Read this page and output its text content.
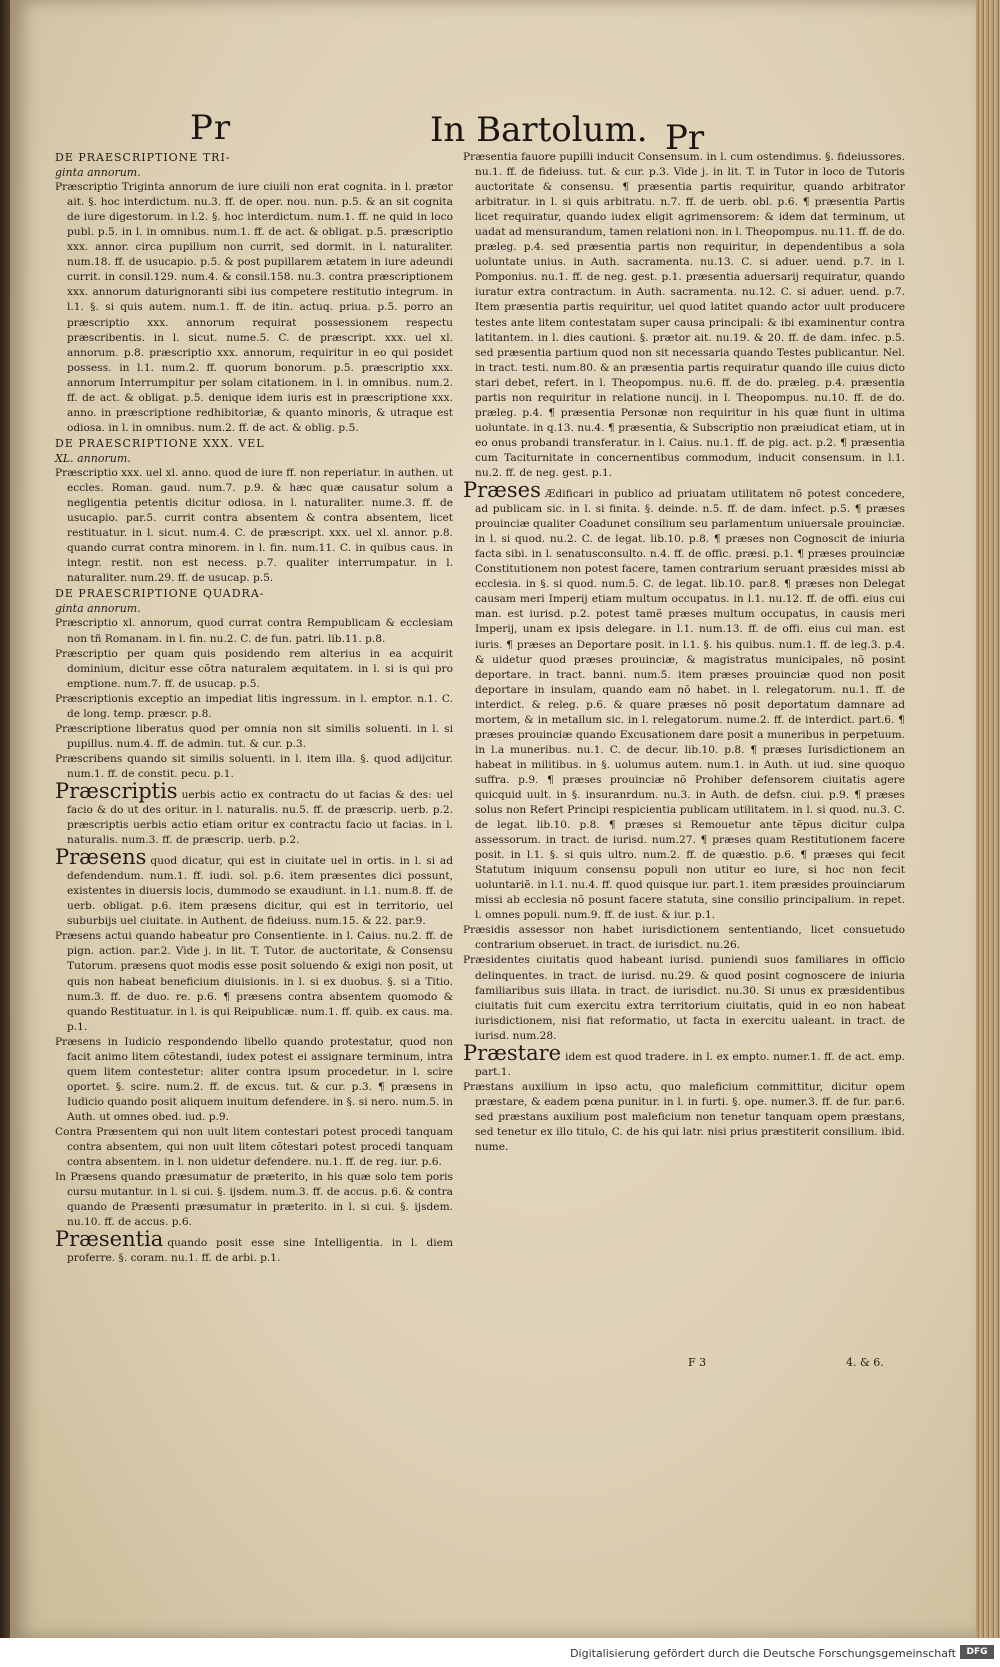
Pr	In Bartolum. Pr

DE PRAESCRIPTIONE TRI-
ginta annorum.

Præscriptio Triginta annorum de iure ciuili non erat cognita. in l. prætor ait. §. hoc interdictum. nu.3. ff. de oper. nou. nun. p.5. & an sit cognita de iure digestorum. in l.2. §. hoc interdictum. num.1. ff. ne quid in loco publ. p.5. in l. in omnibus. num.1. ff. de act. & obligat. p.5. præscriptio xxx. annor. circa pupillum non currit, sed dormit. in l. naturaliter. num.18. ff. de usucapio. p.5. & post pupillarem ætatem in iure adeundi currit. in consil.129. num.4. & consil.158. nu.3. contra præscriptionem xxx. annorum daturignoranti sibi ius competere restitutio integrum. in l.1. §. si quis autem. num.1. ff. de itin. actuq. priua. p.5. porro an præscriptio xxx. annorum requirat possessionem respectu præscribentis. in l. sicut. nume.5. C. de præscript. xxx. uel xl. annorum. p.8. præscriptio xxx. annorum, requiritur in eo qui posidet possess. in l.1. num.2. ff. quorum bonorum. p.5. præscriptio xxx. annorum Interrumpitur per solam citationem. in l. in omnibus. num.2. ff. de act. & obligat. p.5. denique idem iuris est in præscriptione xxx. anno. in præscriptione redhibitoriæ, & quanto minoris, & utraque est odiosa. in l. in omnibus. num.2. ff. de act. & oblig. p.5.

DE PRAESCRIPTIONE XXX. VEL
XL. annorum.

Præscriptio xxx. uel xl. anno. quod de iure ff. non reperiatur. in authen. ut eccles. Roman. gaud. num.7. p.9. & hæc quæ causatur solum a negligentia petentis dicitur odiosa. in l. naturaliter. nume.3. ff. de usucapio. par.5. currit contra absentem & contra absentem, licet restituatur. in l. sicut. num.4. C. de præscript. xxx. uel xl. annor. p.8. quando currat contra minorem. in l. fin. num.11. C. in quibus caus. in integr. restit. non est necess. p.7. qualiter interrumpatur. in l. naturaliter. num.29. ff. de usucap. p.5.

DE PRAESCRIPTIONE QUADRA-
ginta annorum.

Præscriptio xl. annorum, quod currat contra Rempublicam & ecclesiam non tñ Romanam. in l. fin. nu.2. C. de fun. patri. lib.11. p.8.

Præscriptio per quam quis posidendo rem alterius in ea acquirit dominium, dicitur esse cõtra naturalem æquitatem. in l. si is qui pro emptione. num.7. ff. de usucap. p.5.

Præscriptionis exceptio an impediat litis ingressum. in l. emptor. n.1. C. de long. temp. præscr. p.8.

Præscriptione liberatus quod per omnia non sit similis soluenti. in l. si pupillus. num.4. ff. de admin. tut. & cur. p.3.

Præscribens quando sit similis soluenti. in l. item illa. §. quod adijcitur. num.1. ff. de constit. pecu. p.1.

Præscriptis uerbis actio ex contractu do ut facias & des: uel facio & do ut des oritur. in l. naturalis. nu.5. ff. de præscrip. uerb. p.2. præscriptis uerbis actio etiam oritur ex contractu facio ut facias. in l. naturalis. num.3. ff. de præscrip. uerb. p.2.

Præsens quod dicatur, qui est in ciuitate uel in ortis. in l. si ad defendendum. num.1. ff. iudi. sol. p.6. item præsentes dici possunt, existentes in diuersis locis, dummodo se exaudiunt. in l.1. num.8. ff. de uerb. obligat. p.6. item præsens dicitur, qui est in territorio, uel suburbijs uel ciuitate. in Authent. de fideiuss. num.15. & 22. par.9.

Præsens actui quando habeatur pro Consentiente. in l. Caius. nu.2. ff. de pign. action. par.2. Vide j. in lit. T. Tutor. de auctoritate, & Consensu Tutorum. præsens quot modis esse posit soluendo & exigi non posit, ut quis non habeat beneficium diuisionis. in l. si ex duobus. §. si a Titio. num.3. ff. de duo. re. p.6. ¶ præsens contra absentem quomodo & quando Restituatur. in l. is qui Reipublicæ. num.1. ff. quib. ex caus. ma. p.1.

Præsens in Iudicio respondendo libello quando protestatur, quod non facit animo litem cõtestandi, iudex potest ei assignare terminum, intra quem litem contestetur: aliter contra ipsum procedetur. in l. scire oportet. §. scire. num.2. ff. de excus. tut. & cur. p.3. ¶ præsens in Iudicio quando posit aliquem inuitum defendere. in §. si nero. num.5. in Auth. ut omnes obed. iud. p.9.

Contra Præsentem qui non uult litem contestari potest procedi tanquam contra absentem, qui non uult litem cõtestari potest procedi tanquam contra absentem. in l. non uidetur defendere. nu.1. ff. de reg. iur. p.6.

In Præsens quando præsumatur de præterito, in his quæ solo tem poris cursu mutantur. in l. si cui. §. ijsdem. num.3. ff. de accus. p.6. & contra quando de Præsenti præsumatur in præterito. in l. si cui. §. ijsdem. nu.10. ff. de accus. p.6.

Præsentia quando posit esse sine Intelligentia. in l. diem proferre. §. coram. nu.1. ff. de arbi. p.1.

Præsentia fauore pupilli inducit Consensum. in l. cum ostendimus. §. fideiussores. nu.1. ff. de fideiuss. tut. & cur. p.3. Vide j. in lit. T. in Tutor in loco de Tutoris auctoritate & consensu. ¶ præsentia partis requiritur, quando arbitrator arbitratur. in l. si quis arbitratu. n.7. ff. de uerb. obl. p.6. ¶ præsentia Partis licet requiratur, quando iudex eligit agrimensorem: & idem dat terminum, ut uadat ad mensurandum, tamen relationi non. in l. Theopompus. nu.11. ff. de do. præleg. p.4. sed præsentia partis non requiritur, in dependentibus a sola uoluntate unius. in Auth. sacramenta. nu.13. C. si aduer. uend. p.7. in l. Pomponius. nu.1. ff. de neg. gest. p.1. præsentia aduersarij requiratur, quando iuratur extra contractum. in Auth. sacramenta. nu.12. C. si aduer. uend. p.7. Item præsentia partis requiritur, uel quod latitet quando actor uult producere testes ante litem contestatam super causa principali: & ibi examinentur contra latitantem. in l. dies cautioni. §. prætor ait. nu.19. & 20. ff. de dam. infec. p.5. sed præsentia partium quod non sit necessaria quando Testes publicantur. Nel. in tract. testi. num.80. & an præsentia partis requiratur quando ille cuius dicto stari debet, refert. in l. Theopompus. nu.6. ff. de do. præleg. p.4. præsentia partis non requiritur in relatione nuncij. in l. Theopompus. nu.10. ff. de do. præleg. p.4. ¶ præsentia Personæ non requiritur in his quæ fiunt in ultima uoluntate. in q.13. nu.4. ¶ præsentia, & Subscriptio non præiudicat etiam, ut in eo onus probandi transferatur. in l. Caius. nu.1. ff. de pig. act. p.2. ¶ præsentia cum Taciturnitate in concernentibus commodum, inducit consensum. in l.1. nu.2. ff. de neg. gest. p.1.

Præses Ædificari in publico ad priuatam utilitatem nõ potest concedere, ad publicam sic. in l. si finita. §. deinde. n.5. ff. de dam. infect. p.5. ¶ præses prouinciæ qualiter Coadunet consilium seu parlamentum uniuersale prouinciæ. in l. si quod. nu.2. C. de legat. lib.10. p.8. ¶ præses non Cognoscit de iniuria facta sibi. in l. senatusconsulto. n.4. ff. de offic. præsi. p.1. ¶ præses prouinciæ Constitutionem non potest facere, tamen contrarium seruant præsides missi ab ecclesia. in §. si quod. num.5. C. de legat. lib.10. par.8. ¶ præses non Delegat causam meri Imperij etiam multum occupatus. in l.1. nu.12. ff. de offi. eius cui man. est iurisd. p.2. potest tamẽ præses multum occupatus, in causis meri Imperij, unam ex ipsis delegare. in l.1. num.13. ff. de offi. eius cui man. est iuris. ¶ præses an Deportare posit. in l.1. §. his quibus. num.1. ff. de leg.3. p.4. & uidetur quod præses prouinciæ, & magistratus municipales, nõ posint deportare. in tract. banni. num.5. item præses prouinciæ quod non posit deportare in insulam, quando eam nõ habet. in l. relegatorum. nu.1. ff. de interdict. & releg. p.6. & quare præses nõ posit deportatum damnare ad mortem, & in metallum sic. in l. relegatorum. nume.2. ff. de interdict. part.6. ¶ præses prouinciæ quando Excusationem dare posit a muneribus in perpetuum. in l.a muneribus. nu.1. C. de decur. lib.10. p.8. ¶ præses Iurisdictionem an habeat in militibus. in §. uolumus autem. num.1. in Auth. ut iud. sine quoquo suffra. p.9. ¶ præses prouinciæ nõ Prohiber defensorem ciuitatis agere quicquid uult. in §. insuranrdum. nu.3. in Auth. de defsn. ciui. p.9. ¶ præses solus non Refert Principi respicientia publicam utilitatem. in l. si quod. nu.3. C. de legat. lib.10. p.8. ¶ præses si Remouetur ante tẽpus dicitur culpa assessorum. in tract. de iurisd. num.27. ¶ præses quam Restitutionem facere posit. in l.1. §. si quis ultro. num.2. ff. de quæstio. p.6. ¶ præses qui fecit Statutum iniquum consensu populi non utitur eo iure, si hoc non fecit uoluntariẽ. in l.1. nu.4. ff. quod quisque iur. part.1. item præsides prouinciarum missi ab ecclesia nõ posunt facere statuta, sine consilio principalium. in repet. l. omnes populi. num.9. ff. de iust. & iur. p.1.

Præsidis assessor non habet iurisdictionem sententiando, licet consuetudo contrarium obseruet. in tract. de iurisdict. nu.26.

Præsidentes ciuitatis quod habeant iurisd. puniendi suos familiares in officio delinquentes. in tract. de iurisd. nu.29. & quod posint cognoscere de iniuria familiaribus suis illata. in tract. de iurisdict. nu.30. Si unus ex præsidentibus ciuitatis fuit cum exercitu extra territorium ciuitatis, quid in eo non habeat iurisdictionem, nisi fiat reformatio, ut facta in exercitu ualeant. in tract. de iurisd. num.28.

Præstare idem est quod tradere. in l. ex empto. numer.1. ff. de act. emp. part.1.

Præstans auxilium in ipso actu, quo maleficium committitur, dicitur opem præstare, & eadem pœna punitur. in l. in furti. §. ope. numer.3. ff. de fur. par.6. sed præstans auxilium post maleficium non tenetur tanquam opem præstans, sed tenetur ex illo titulo, C. de his qui latr. nisi prius præstiterit consilium. ibid. nume.

F 3	4. & 6.
Digitalisierung gefördert durch die Deutsche Forschungsgemeinschaft	DFG
